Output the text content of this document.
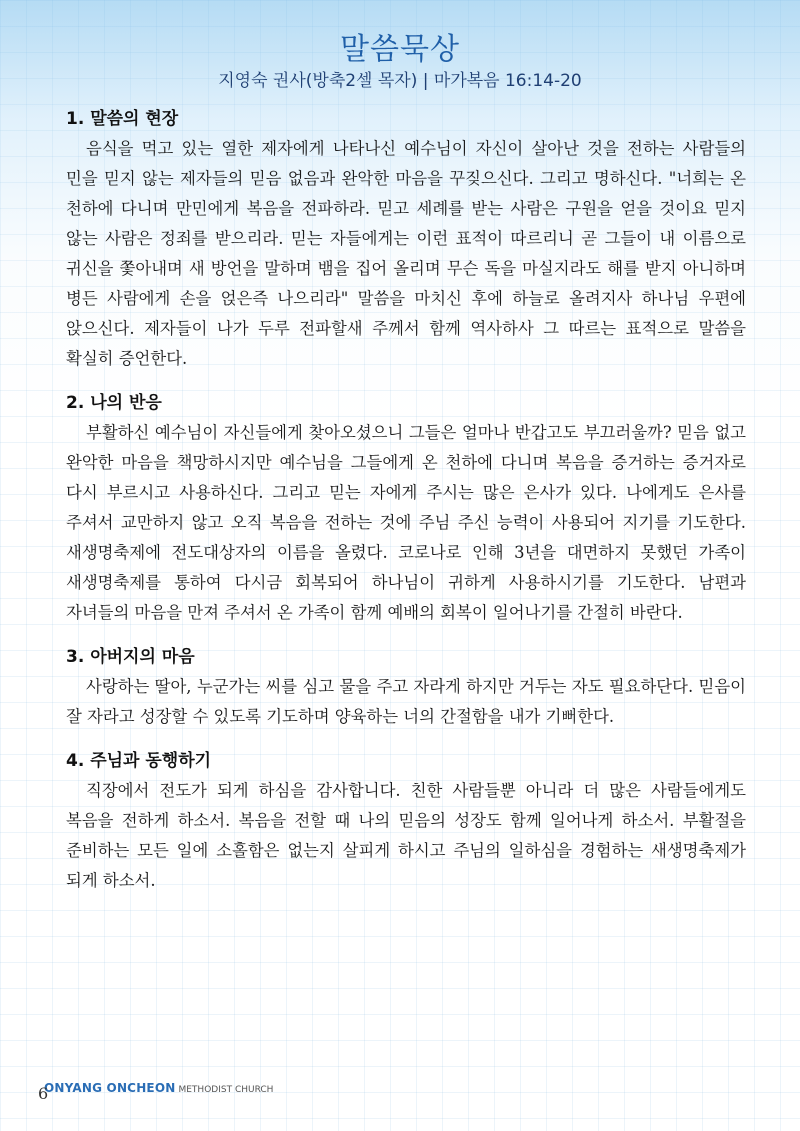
말씀묵상
지영숙 권사(방축2셀 목자) | 마가복음 16:14-20

1. 말씀의 현장

음식을 먹고 있는 열한 제자에게 나타나신 예수님이 자신이 살아난 것을 전하는 사람들의 민을 믿지 않는 제자들의 믿음 없음과 완악한 마음을 꾸짖으신다. 그리고 명하신다. "너희는 온 천하에 다니며 만민에게 복음을 전파하라. 믿고 세례를 받는 사람은 구원을 얻을 것이요 믿지 않는 사람은 정죄를 받으리라. 믿는 자들에게는 이런 표적이 따르리니 곧 그들이 내 이름으로 귀신을 쫓아내며 새 방언을 말하며 뱀을 집어 올리며 무슨 독을 마실지라도 해를 받지 아니하며 병든 사람에게 손을 얹은즉 나으리라" 말씀을 마치신 후에 하늘로 올려지사 하나님 우편에 앉으신다. 제자들이 나가 두루 전파할새 주께서 함께 역사하사 그 따르는 표적으로 말씀을 확실히 증언한다.

2. 나의 반응

부활하신 예수님이 자신들에게 찾아오셨으니 그들은 얼마나 반갑고도 부끄러울까? 믿음 없고 완악한 마음을 책망하시지만 예수님을 그들에게 온 천하에 다니며 복음을 증거하는 증거자로 다시 부르시고 사용하신다. 그리고 믿는 자에게 주시는 많은 은사가 있다. 나에게도 은사를 주셔서 교만하지 않고 오직 복음을 전하는 것에 주님 주신 능력이 사용되어 지기를 기도한다. 새생명축제에 전도대상자의 이름을 올렸다. 코로나로 인해 3년을 대면하지 못했던 가족이 새생명축제를 통하여 다시금 회복되어 하나님이 귀하게 사용하시기를 기도한다. 남편과 자녀들의 마음을 만져 주셔서 온 가족이 함께 예배의 회복이 일어나기를 간절히 바란다.

3. 아버지의 마음

사랑하는 딸아, 누군가는 씨를 심고 물을 주고 자라게 하지만 거두는 자도 필요하단다. 믿음이 잘 자라고 성장할 수 있도록 기도하며 양육하는 너의 간절함을 내가 기뻐한다.

4. 주님과 동행하기

직장에서 전도가 되게 하심을 감사합니다. 친한 사람들뿐 아니라 더 많은 사람들에게도 복음을 전하게 하소서. 복음을 전할 때 나의 믿음의 성장도 함께 일어나게 하소서. 부활절을 준비하는 모든 일에 소홀함은 없는지 살피게 하시고 주님의 일하심을 경험하는 새생명축제가 되게 하소서.

ONYANG ONCHEON METHODIST CHURCH
6
